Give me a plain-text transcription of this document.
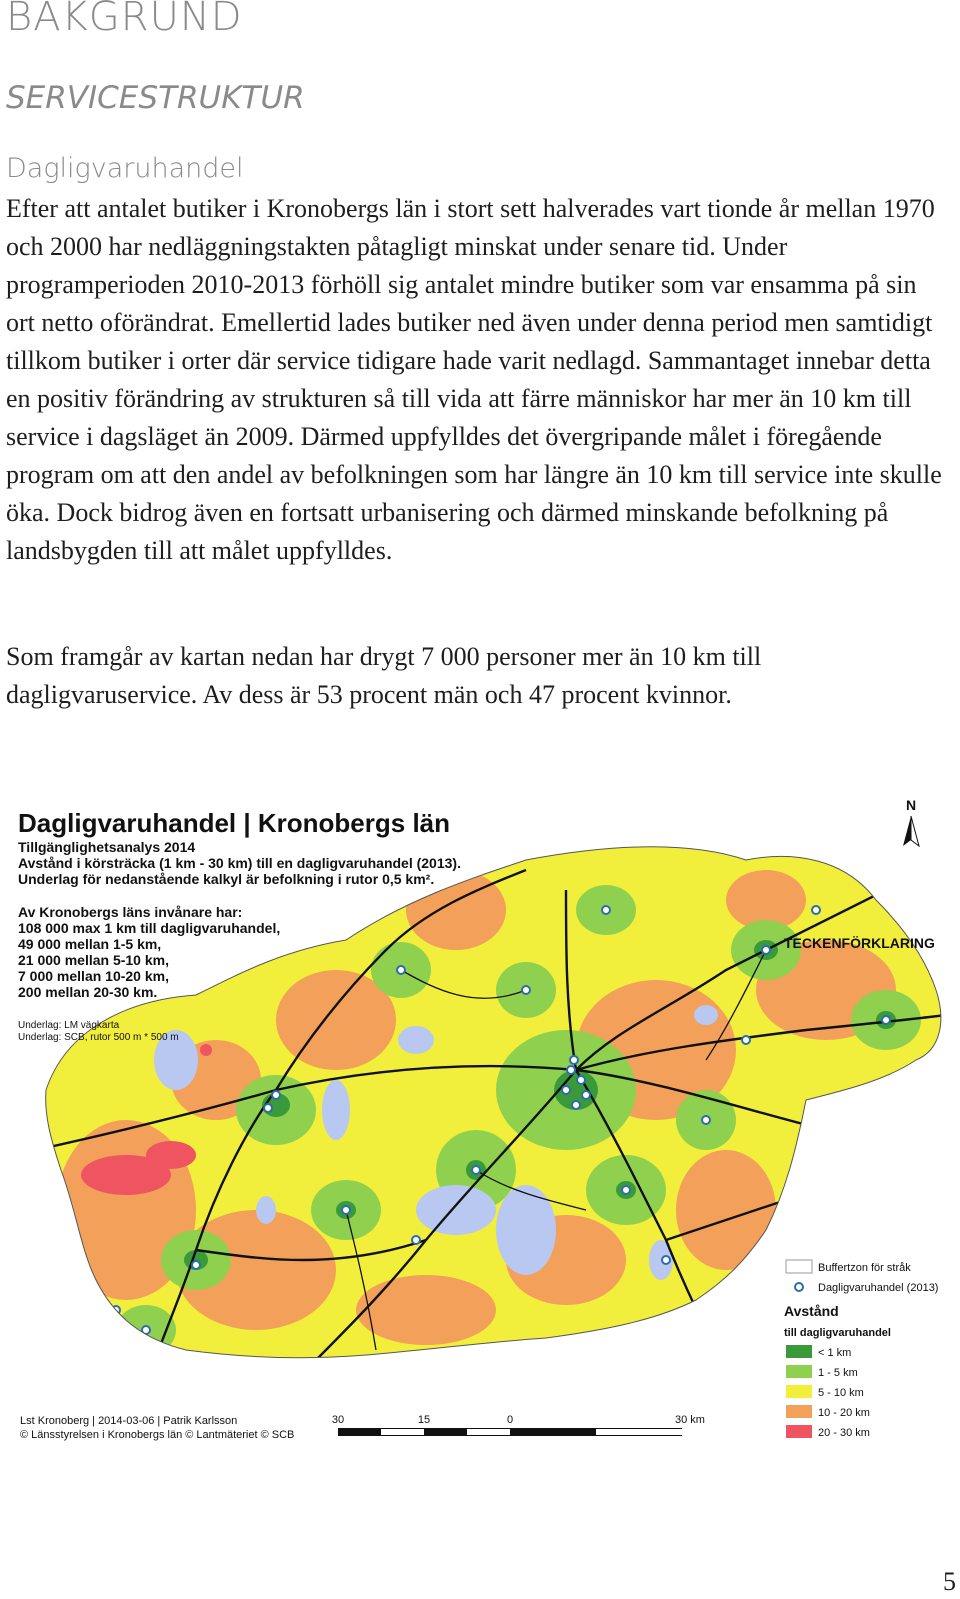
BAKGRUND
SERVICESTRUKTUR
Dagligvaruhandel

Efter att antalet butiker i Kronobergs län i stort sett halverades vart tionde år mellan 1970 och 2000 har nedläggningstakten påtagligt minskat under senare tid. Under programperioden 2010-2013 förhöll sig antalet mindre butiker som var ensamma på sin ort netto oförändrat. Emellertid lades butiker ned även under denna period men samtidigt tillkom butiker i orter där service tidigare hade varit nedlagd. Sammantaget innebar detta en positiv förändring av strukturen så till vida att färre människor har mer än 10 km till service i dagsläget än 2009. Därmed uppfylldes det övergripande målet i föregående program om att den andel av befolkningen som har längre än 10 km till service inte skulle öka. Dock bidrog även en fortsatt urbanisering och därmed minskande befolkning på landsbygden till att målet uppfylldes.

Som framgår av kartan nedan har drygt 7 000 personer mer än 10 km till dagligvaruservice. Av dess är 53 procent män och 47 procent kvinnor.

Dagligvaruhandel | Kronobergs län
Tillgänglighetsanalys 2014
Avstånd i körsträcka (1 km - 30 km) till en dagligvaruhandel (2013).
Underlag för nedanstående kalkyl är befolkning i rutor 0,5 km².
Av Kronobergs läns invånare har:
108 000 max 1 km till dagligvaruhandel,
49 000 mellan 1-5 km,
21 000 mellan 5-10 km,
7 000 mellan 10-20 km,
200 mellan 20-30 km.
Underlag: LM vägkarta
Underlag: SCB, rutor 500 m * 500 m
N
TECKENFÖRKLARING
Buffertzon för stråk
Dagligvaruhandel (2013)
Avstånd
till dagligvaruhandel
< 1 km
1 - 5 km
5 - 10 km
10 - 20 km
20 - 30 km
Lst Kronoberg | 2014-03-06 | Patrik Karlsson
© Länsstyrelsen i Kronobergs län © Lantmäteriet © SCB
30	15	0	30 km
5
